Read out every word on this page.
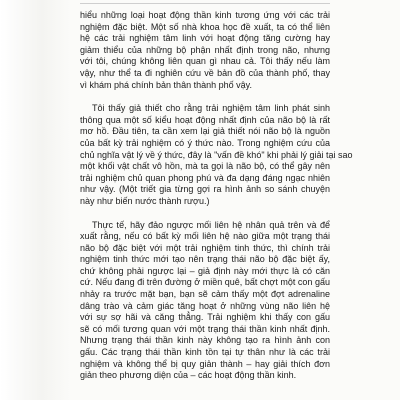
hiểu những loại hoạt động thần kinh tương ứng với các trải
nghiệm đặc biệt. Một số nhà khoa học đề xuất, ta có thể liên
hệ các trải nghiệm tâm linh với hoạt động tăng cường hay
giảm thiểu của những bộ phận nhất định trong não, nhưng
với tôi, chúng không liên quan gì nhau cả. Tôi thấy nếu làm
vậy, như thể ta đi nghiên cứu về bản đồ của thành phố, thay
vì khám phá chính bản thân thành phố vậy.

Tôi thấy giả thiết cho rằng trải nghiệm tâm linh phát sinh
thông qua một số kiểu hoạt động nhất định của não bộ là rất
mơ hồ. Đầu tiên, ta cần xem lại giả thiết nói não bộ là nguồn
của bất kỳ trải nghiệm có ý thức nào. Trong nghiệm cứu của
chủ nghĩa vật lý về ý thức, đây là "vấn đề khó" khi phải lý giải tại sao
một khối vật chất vô hồn, mà ta gọi là não bộ, có thể gây nên
trải nghiệm chủ quan phong phú và đa dạng đáng ngạc nhiên
như vậy. (Một triết gia từng gợi ra hình ảnh so sánh chuyện
này như biến nước thành rượu.)

Thực tế, hãy đảo ngược mối liên hệ nhân quả trên và để
xuất rằng, nếu có bất kỳ mối liên hệ nào giữa một trạng thái
não bộ đặc biệt với một trải nghiệm tinh thức, thì chính trải
nghiệm tinh thức mới tạo nên trạng thái não bộ đặc biệt ấy,
chứ không phải ngược lại – giả định này mới thực là có căn
cứ. Nếu đang đi trên đường ở miền quê, bất chợt một con gấu
nhảy ra trước mặt bạn, bạn sẽ cảm thấy một đợt adrenaline
dâng trào và cảm giác tăng hoạt ở những vùng não liên hệ
với sự sợ hãi và căng thẳng. Trải nghiệm khi thấy con gấu
sẽ có mối tương quan với một trạng thái thần kinh nhất định.
Nhưng trạng thái thần kinh này không tạo ra hình ảnh con
gấu. Các trạng thái thần kinh tồn tại tự thân như là các trải
nghiệm và không thể bị quy giản thành – hay giải thích đơn
giản theo phương diện của – các hoạt động thần kinh.
